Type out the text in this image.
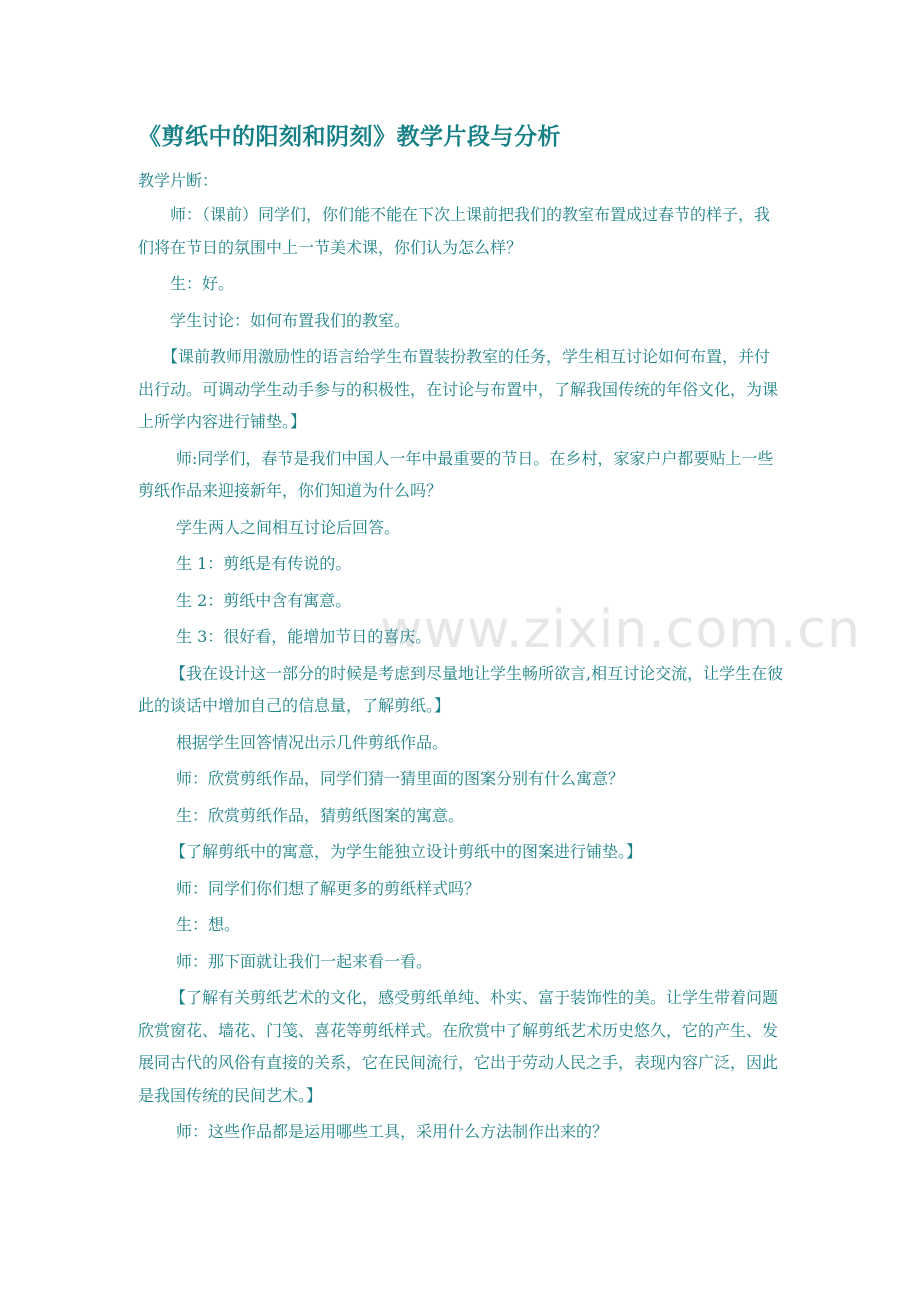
www.zixin.com.cn
《剪纸中的阳刻和阴刻》教学片段与分析
教学片断：

师：（课前）同学们，你们能不能在下次上课前把我们的教室布置成过春节的样子，我们将在节日的氛围中上一节美术课，你们认为怎么样？

生：好。

学生讨论：如何布置我们的教室。

【课前教师用激励性的语言给学生布置装扮教室的任务，学生相互讨论如何布置，并付出行动。可调动学生动手参与的积极性，在讨论与布置中，了解我国传统的年俗文化，为课上所学内容进行铺垫。】

师:同学们，春节是我们中国人一年中最重要的节日。在乡村，家家户户都要贴上一些剪纸作品来迎接新年，你们知道为什么吗？

学生两人之间相互讨论后回答。

生 1：剪纸是有传说的。

生 2：剪纸中含有寓意。

生 3：很好看，能增加节日的喜庆。

【我在设计这一部分的时候是考虑到尽量地让学生畅所欲言,相互讨论交流，让学生在彼此的谈话中增加自己的信息量，了解剪纸。】

根据学生回答情况出示几件剪纸作品。

师：欣赏剪纸作品，同学们猜一猜里面的图案分别有什么寓意？

生：欣赏剪纸作品，猜剪纸图案的寓意。

【了解剪纸中的寓意，为学生能独立设计剪纸中的图案进行铺垫。】

师：同学们你们想了解更多的剪纸样式吗？

生：想。

师：那下面就让我们一起来看一看。

【了解有关剪纸艺术的文化，感受剪纸单纯、朴实、富于装饰性的美。让学生带着问题欣赏窗花、墙花、门笺、喜花等剪纸样式。在欣赏中了解剪纸艺术历史悠久，它的产生、发展同古代的风俗有直接的关系，它在民间流行，它出于劳动人民之手，表现内容广泛，因此是我国传统的民间艺术。】

师：这些作品都是运用哪些工具，采用什么方法制作出来的？
